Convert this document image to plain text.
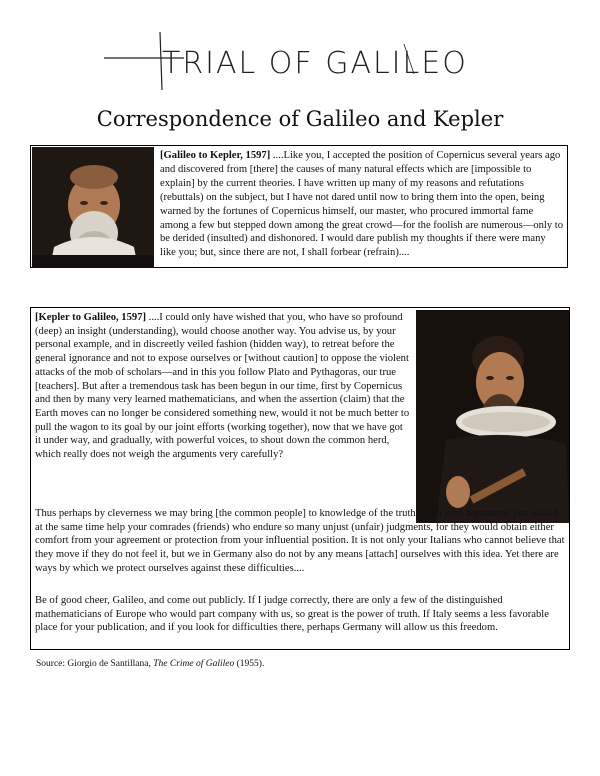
TRIAL OF GALILEO
Correspondence of Galileo and Kepler

[Galileo to Kepler, 1597] ....Like you, I accepted the position of Copernicus several years ago and discovered from [there] the causes of many natural effects which are [impossible to explain] by the current theories. I have written up many of my reasons and refutations (rebuttals) on the subject, but I have not dared until now to bring them into the open, being warned by the fortunes of Copernicus himself, our master, who procured immortal fame among a few but stepped down among the great crowd—for the foolish are numerous—only to be derided (insulted) and dishonored. I would dare publish my thoughts if there were many like you; but, since there are not, I shall forbear (refrain)....

[Kepler to Galileo, 1597] ....I could only have wished that you, who have so profound (deep) an insight (understanding), would choose another way. You advise us, by your personal example, and in discreetly veiled fashion (hidden way), to retreat before the general ignorance and not to expose ourselves or [without caution] to oppose the violent attacks of the mob of scholars—and in this you follow Plato and Pythagoras, our true [teachers]. But after a tremendous task has been begun in our time, first by Copernicus and then by many very learned mathematicians, and when the assertion (claim) that the Earth moves can no longer be considered something new, would it not be much better to pull the wagon to its goal by our joint efforts (working together), now that we have got it under way, and gradually, with powerful voices, to shout down the common herd, which really does not weigh the arguments very carefully?

Thus perhaps by cleverness we may bring [the common people] to knowledge of the truth. With your arguments you would at the same time help your comrades (friends) who endure so many unjust (unfair) judgments, for they would obtain either comfort from your agreement or protection from your influential position. It is not only your Italians who cannot believe that they move if they do not feel it, but we in Germany also do not by any means [attach] ourselves with this idea. Yet there are ways by which we protect ourselves against these difficulties....

Be of good cheer, Galileo, and come out publicly. If I judge correctly, there are only a few of the distinguished mathematicians of Europe who would part company with us, so great is the power of truth. If Italy seems a less favorable place for your publication, and if you look for difficulties there, perhaps Germany will allow us this freedom.

Source: Giorgio de Santillana, The Crime of Galileo (1955).
